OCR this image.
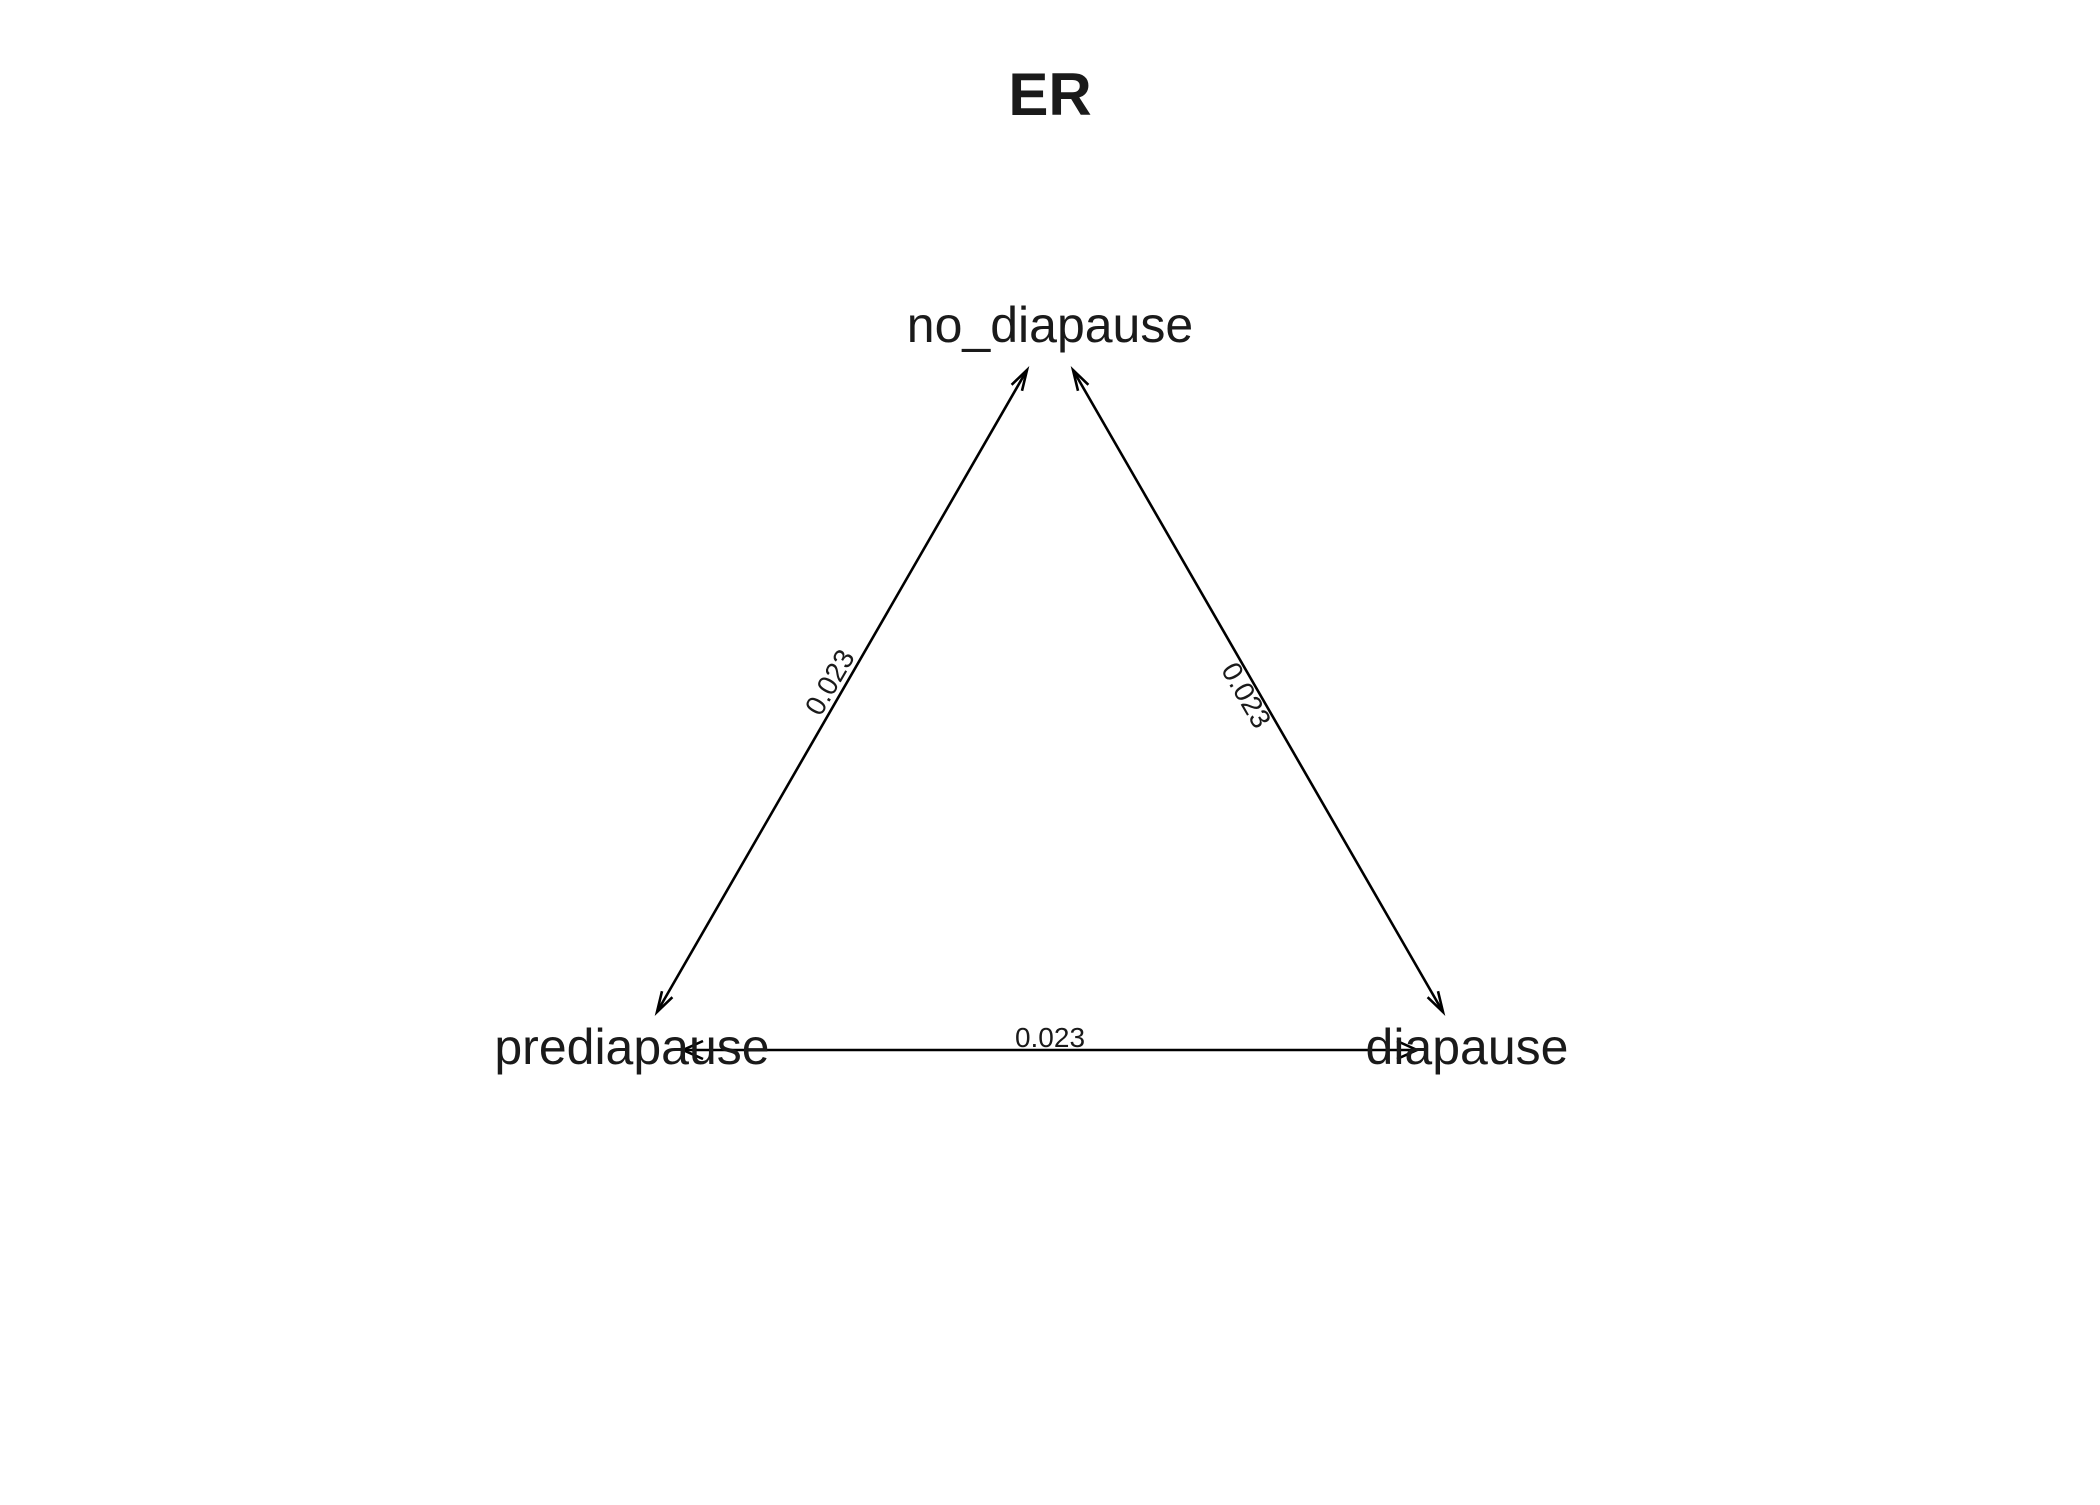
ER
0.023	0.023
0.023
no_diapause
prediapause	diapause
